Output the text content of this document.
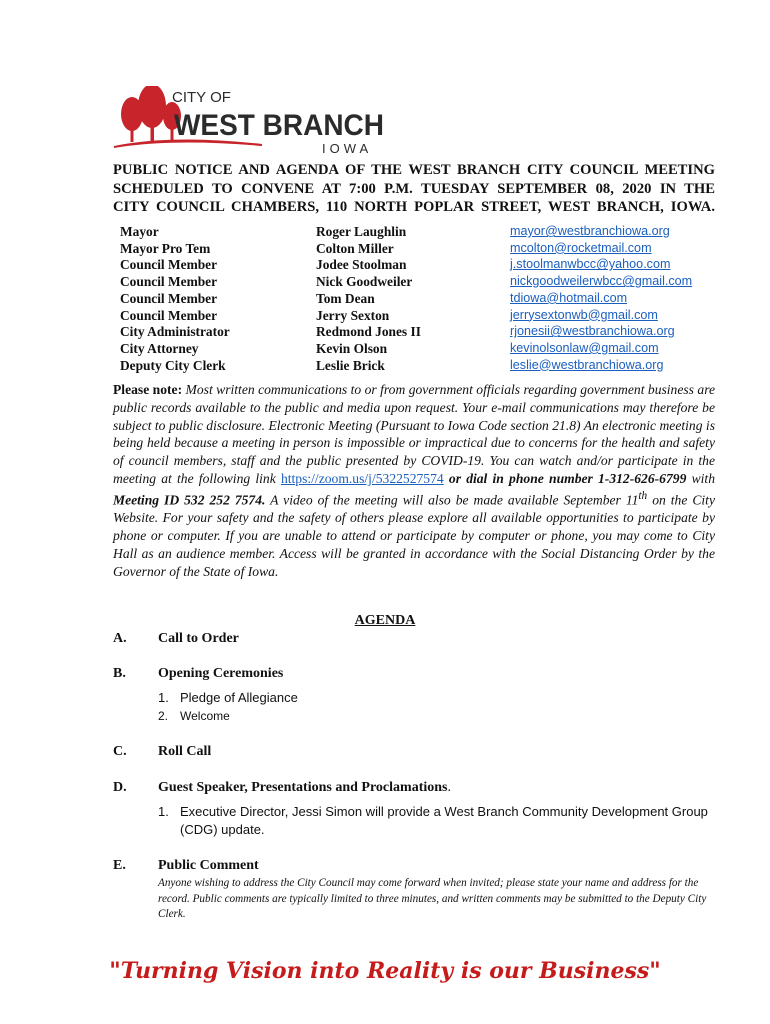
CITY OF
WEST BRANCH
IOWA
PUBLIC NOTICE AND AGENDA OF THE WEST BRANCH CITY COUNCIL MEETING
SCHEDULED TO CONVENE AT 7:00 P.M. TUESDAY SEPTEMBER 08, 2020 IN THE
CITY COUNCIL CHAMBERS, 110 NORTH POPLAR STREET, WEST BRANCH, IOWA.
Mayor	Roger Laughlin	mayor@westbranchiowa.org
Mayor Pro Tem	Colton Miller	mcolton@rocketmail.com
Council Member	Jodee Stoolman	j.stoolmanwbcc@yahoo.com
Council Member	Nick Goodweiler	nickgoodweilerwbcc@gmail.com
Council Member	Tom Dean	tdiowa@hotmail.com
Council Member	Jerry Sexton	jerrysextonwb@gmail.com
City Administrator	Redmond Jones II	rjonesii@westbranchiowa.org
City Attorney	Kevin Olson	kevinolsonlaw@gmail.com
Deputy City Clerk	Leslie Brick	leslie@westbranchiowa.org
Please note: Most written communications to or from government officials regarding government business are public records available to the public and media upon request. Your e-mail communications may therefore be subject to public disclosure. Electronic Meeting (Pursuant to Iowa Code section 21.8) An electronic meeting is being held because a meeting in person is impossible or impractical due to concerns for the health and safety of council members, staff and the public presented by COVID-19. You can watch and/or participate in the meeting at the following link https://zoom.us/j/5322527574 or dial in phone number 1-312-626-6799 with Meeting ID 532 252 7574. A video of the meeting will also be made available September 11th on the City Website. For your safety and the safety of others please explore all available opportunities to participate by phone or computer. If you are unable to attend or participate by computer or phone, you may come to City Hall as an audience member. Access will be granted in accordance with the Social Distancing Order by the Governor of the State of Iowa.
AGENDA
A. Call to Order
B. Opening Ceremonies
1. Pledge of Allegiance
2. Welcome
C. Roll Call
D. Guest Speaker, Presentations and Proclamations.
1. Executive Director, Jessi Simon will provide a West Branch Community Development Group (CDG) update.
E. Public Comment
Anyone wishing to address the City Council may come forward when invited; please state your name and address for the record. Public comments are typically limited to three minutes, and written comments may be submitted to the Deputy City Clerk.
"Turning Vision into Reality is our Business"
